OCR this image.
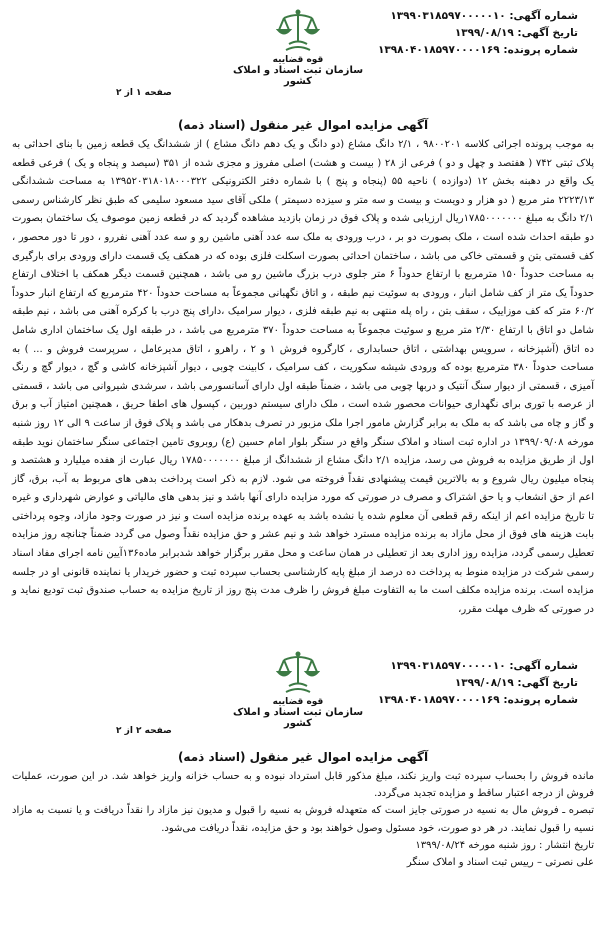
شماره آگهی: ۱۳۹۹۰۳۱۸۵۹۷۰۰۰۰۰۱۰
تاریخ آگهی: ۱۳۹۹/۰۸/۱۹
شماره پرونده: ۱۳۹۸۰۴۰۱۸۵۹۷۰۰۰۰۱۶۹
قوه قضاییه
سازمان ثبت اسناد و املاک کشور
صفحه ۱ از ۲
آگهی مزایده اموال غیر منقول (اسناد ذمه)

به موجب پرونده اجرائی کلاسه ۹۸۰۰۲۰۱ ، ۲/۱ دانگ مشاع (دو دانگ و یک دهم دانگ مشاع ) از ششدانگ یک قطعه زمین با بنای احداثی به پلاک ثبتی ۷۴۲ ( هفتصد و چهل و دو ) فرعی از ۲۸ ( بیست و هشت) اصلی مفروز و مجزی شده از ۳۵۱ (سیصد و پنجاه و یک ) فرعی قطعه یک واقع در دهبنه بخش ۱۲ (دوازده ) ناحیه ۵۵ (پنجاه و پنج ) با شماره دفتر الکترونیکی ۱۳۹۵۲۰۳۱۸۰۱۸۰۰۰۳۲۲ به مساحت ششدانگی ۲۲۲۳/۱۳ متر مربع ( دو هزار و دویست و بیست و سه متر و سیزده دسیمتر ) ملکی آقای سید مسعود سلیمی که طبق نظر کارشناس رسمی ۲/۱ دانگ به مبلغ ۱۷۸۵۰۰۰۰۰۰۰ریال ارزیابی شده و پلاک فوق در زمان بازدید مشاهده گردید که در قطعه زمین موصوف یک ساختمان بصورت دو طبقه احداث شده است ، ملک بصورت دو بر ، درب ورودی به ملک سه عدد آهنی ماشین رو و سه عدد آهنی نفررو ، دور تا دور محصور ، کف قسمتی بتن و قسمتی خاکی می باشد ، ساختمان احداثی بصورت اسکلت فلزی بوده که در همکف یک قسمت دارای ورودی برای بارگیری به مساحت حدوداً ۱۵۰ مترمربع با ارتفاع حدوداً ۶ متر جلوی درب بزرگ ماشین رو می باشد ، همچنین قسمت دیگر همکف با اختلاف ارتفاع حدوداً یک متر از کف شامل انبار ، ورودی به سوئیت نیم طبقه ، و اتاق نگهبانی مجموعاً به مساحت حدوداً ۴۲۰ مترمربع که ارتفاع انبار حدوداً ۶۰/۲ متر که کف موزاییک ، سقف بتن ، راه پله منتهی به نیم طبقه فلزی ، دیوار سرامیک ،دارای پنج درب با کرکره آهنی می باشد ، نیم طبقه شامل دو اتاق با ارتفاع ۲/۳۰ متر مربع و سوئیت مجموعاً به مساحت حدوداً ۳۷۰ مترمربع می باشد ، در طبقه اول یک ساختمان اداری شامل ده اتاق (آشپزخانه ، سرویس بهداشتی ، اتاق حسابداری ، کارگروه فروش ۱ و ۲ ، راهرو ، اتاق مدیرعامل ، سرپرست فروش و ... ) به مساحت حدوداً ۳۸۰ مترمربع بوده که ورودی شیشه سکوریت ، کف سرامیک ، کابینت چوبی ، دیوار آشپزخانه کاشی و گچ ، دیوار گچ و رنگ آمیزی ، قسمتی از دیوار سنگ آنتیک و دربها چوبی می باشد ، ضمناً طبقه اول دارای آسانسورمی باشد ، سرشدی شیروانی می باشد ، قسمتی از عرصه با توری برای نگهداری حیوانات محصور شده است ، ملک دارای سیستم دوربین ، کپسول های اطفا حریق ، همچنین امتیاز آب و برق و گاز و چاه می باشد که به ملک به برابر گزارش مامور اجرا ملک مزبور در تصرف بدهکار می باشد و پلاک فوق از ساعت ۹ الی ۱۲ روز شنبه مورخه ۱۳۹۹/۰۹/۰۸ در اداره ثبت اسناد و املاک سنگر واقع در سنگر بلوار امام حسین (ع) روبروی تامین اجتماعی سنگر ساختمان نوید طبقه اول از طریق مزایده به فروش می رسد، مزایده ۲/۱ دانگ مشاع از ششدانگ از مبلغ ۱۷۸۵۰۰۰۰۰۰۰ ریال عبارت از هفده میلیارد و هشتصد و پنجاه میلیون ریال شروع و به بالاترین قیمت پیشنهادی نقداً فروخته می شود. لازم به ذکر است پرداخت بدهی های مربوط به آب، برق، گاز اعم از حق انشعاب و یا حق اشتراک و مصرف در صورتی که مورد مزایده دارای آنها باشد و نیز بدهی های مالیاتی و عوارض شهرداری و غیره تا تاریخ مزایده اعم از اینکه رقم قطعی آن معلوم شده یا نشده باشد به عهده برنده مزایده است و نیز در صورت وجود مازاد، وجوه پرداختی بابت هزینه های فوق از محل مازاد به برنده مزایده مسترد خواهد شد و نیم عشر و حق مزایده نقداً وصول می گردد ضمناً چنانچه روز مزایده تعطیل رسمی گردد، مزایده روز اداری بعد از تعطیلی در همان ساعت و محل مقرر برگزار خواهد شدبرابر ماده۱۳۶آیین نامه اجرای مفاد اسناد رسمی شرکت در مزایده منوط به پرداخت ده درصد از مبلغ پایه کارشناسی بحساب سپرده ثبت و حضور خریدار یا نماینده قانونی او در جلسه مزایده است. برنده مزایده مکلف است ما به التفاوت مبلغ فروش را ظرف مدت پنج روز از تاریخ مزایده به حساب صندوق ثبت تودیع نماید و در صورتی که ظرف مهلت مقرر،

شماره آگهی: ۱۳۹۹۰۳۱۸۵۹۷۰۰۰۰۰۱۰
تاریخ آگهی: ۱۳۹۹/۰۸/۱۹
شماره پرونده: ۱۳۹۸۰۴۰۱۸۵۹۷۰۰۰۰۱۶۹
قوه قضاییه
سازمان ثبت اسناد و املاک کشور
صفحه ۲ از ۲
آگهی مزایده اموال غیر منقول (اسناد ذمه)

مانده فروش را بحساب سپرده ثبت واریز نکند، مبلغ مذکور قابل استرداد نبوده و به حساب خزانه واریز خواهد شد. در این صورت، عملیات فروش از درجه اعتبار ساقط و مزایده تجدید می‌گردد.

تبصره ـ فروش مال به نسیه در صورتی جایز است که متعهدله فروش به نسیه را قبول و مدیون نیز مازاد را نقداً دریافت و یا نسبت به مازاد نسیه را قبول نمایند. در هر دو صورت، خود مسئول وصول خواهند بود و حق مزایده، نقداً دریافت می‌شود.

تاریخ انتشار : روز شنبه مورخه ۱۳۹۹/۰۸/۲۴

علی نصرتی – رییس ثبت اسناد و املاک سنگر
